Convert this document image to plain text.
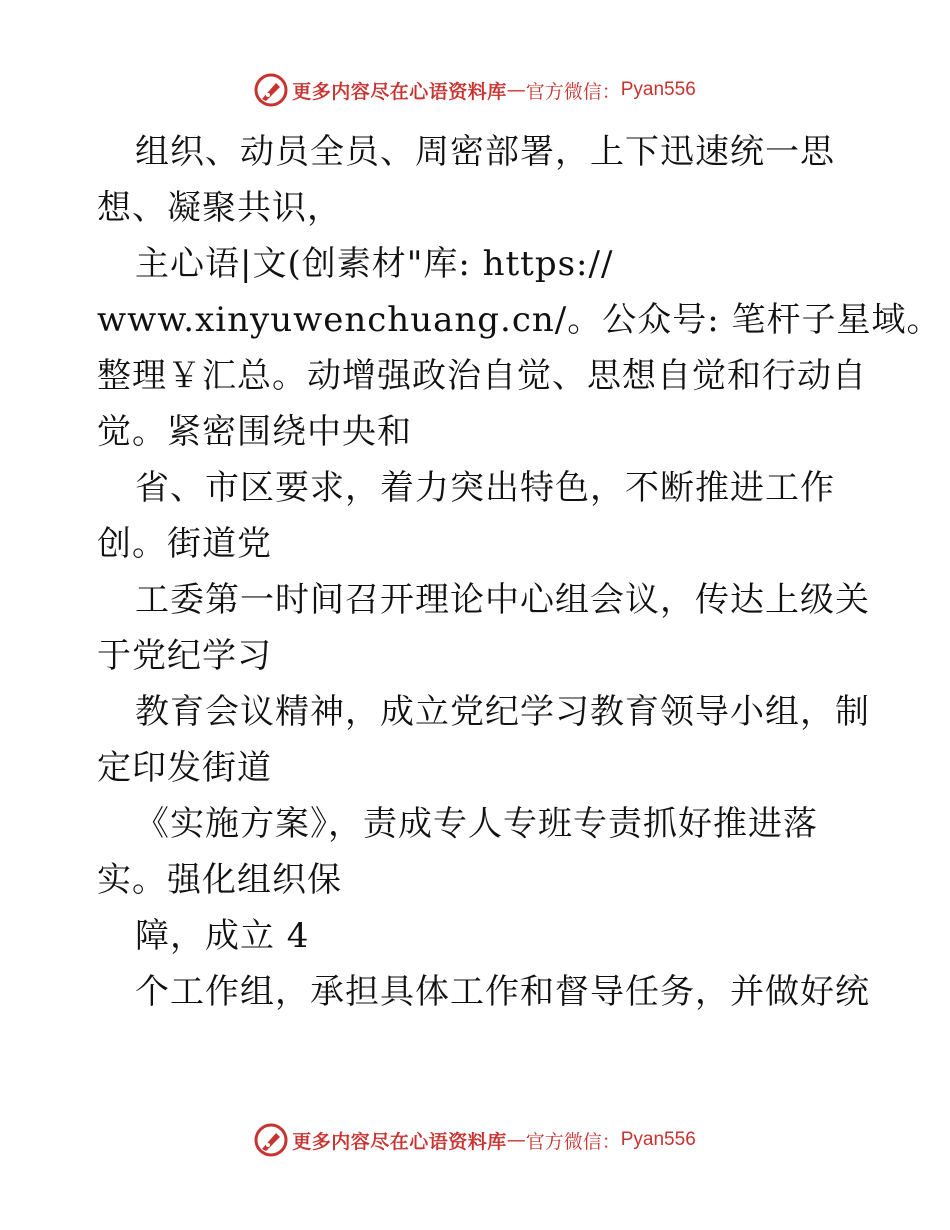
更多内容尽在心语资料库 — 官方微信： Pyan556
组织、动员全员、周密部署，上下迅速统一思
想、凝聚共识，
主心语|文(创素材"库: https://
www.xinyuwenchuang.cn/。公众号: 笔杆子星域。
整理￥汇总。动增强政治自觉、思想自觉和行动自
觉。紧密围绕中央和
省、市区要求，着力突出特色，不断推进工作
创。街道党
工委第一时间召开理论中心组会议，传达上级关
于党纪学习
教育会议精神，成立党纪学习教育领导小组，制
定印发街道
《实施方案》，责成专人专班专责抓好推进落
实。强化组织保
障，成立 4
个工作组，承担具体工作和督导任务，并做好统
更多内容尽在心语资料库 — 官方微信： Pyan556
